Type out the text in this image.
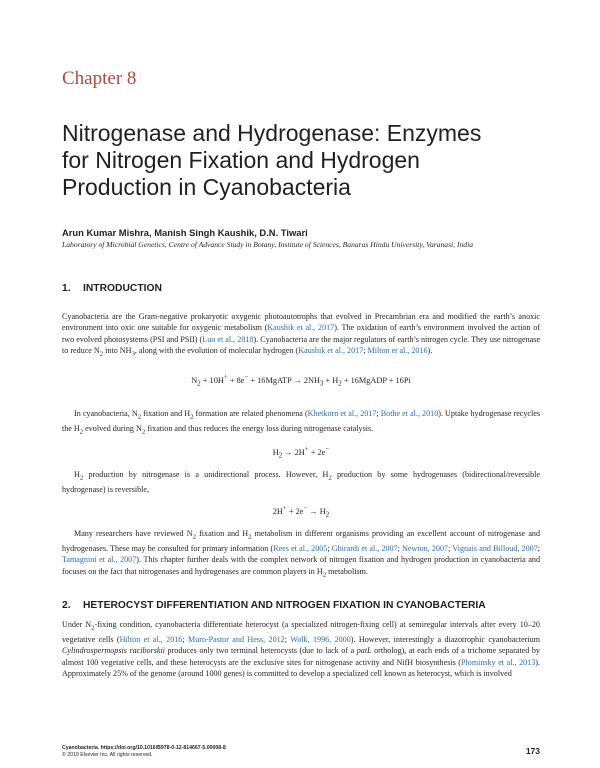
Chapter 8
Nitrogenase and Hydrogenase: Enzymes
for Nitrogen Fixation and Hydrogen
Production in Cyanobacteria
Arun Kumar Mishra, Manish Singh Kaushik, D.N. Tiwari
Laboratory of Microbial Genetics, Centre of Advance Study in Botany, Institute of Sciences, Banaras Hindu University, Varanasi, India
1. INTRODUCTION

Cyanobacteria are the Gram-negative prokaryotic oxygenic photoautotrophs that evolved in Precambrian era and modified the earth’s anoxic environment into oxic one suitable for oxygenic metabolism (Kaushik et al., 2017). The oxidation of earth’s environment involved the action of two evolved photosystems (PSI and PSII) (Luo et al., 2018). Cyanobacteria are the major regulators of earth’s nitrogen cycle. They use nitrogenase to reduce $N_2$ into $NH_3$, along with the evolution of molecular hydrogen (Kaushik et al., 2017; Milton et al., 2016).

$N_2 + 10H^+ + 8e^-$ + 16MgATP → $2NH_3 + H_2$ + 16MgADP + 16Pi

In cyanobacteria, $N_2$ fixation and $H_2$ formation are related phenomena (Khetkorn et al., 2017; Bothe et al., 2010). Uptake hydrogenase recycles the $H_2$ evolved during $N_2$ fixation and thus reduces the energy loss during nitrogenase catalysis.

$H_2 \to 2H^+ + 2e^-$

$H_2$ production by nitrogenase is a unidirectional process. However, $H_2$ production by some hydrogenases (bidirectional/reversible hydrogenase) is reversible,

$2H^+ + 2e^- \to H_2$

Many researchers have reviewed $N_2$ fixation and $H_2$ metabolism in different organisms providing an excellent account of nitrogenase and hydrogenases. These may be consulted for primary information (Rees et al., 2005; Ghirardi et al., 2007; Newton, 2007; Vignais and Billoud, 2007; Tamagnini et al., 2007). This chapter further deals with the complex network of nitrogen fixation and hydrogen production in cyanobacteria and focuses on the fact that nitrogenases and hydrogenases are common players in $H_2$ metabolism.

2. HETEROCYST DIFFERENTIATION AND NITROGEN FIXATION IN CYANOBACTERIA

Under $N_2$-fixing condition, cyanobacteria differentiate heterocyst (a specialized nitrogen-fixing cell) at semiregular intervals after every 10–20 vegetative cells (Hilton et al., 2016; Muro-Pastor and Hess, 2012; Wolk, 1996, 2000). However, interestingly a diazotrophic cyanobacterium Cylindrospermopsis raciborskii produces only two terminal heterocysts (due to lack of a patL ortholog), at each ends of a trichome separated by almost 100 vegetative cells, and these heterocysts are the exclusive sites for nitrogenase activity and NifH biosynthesis (Plominsky et al., 2013). Approximately 25% of the genome (around 1000 genes) is committed to develop a specialized cell known as heterocyst, which is involved

Cyanobacteria. https://doi.org/10.1016/B978-0-12-814667-5.00008-8
© 2019 Elsevier Inc. All rights reserved.	173
